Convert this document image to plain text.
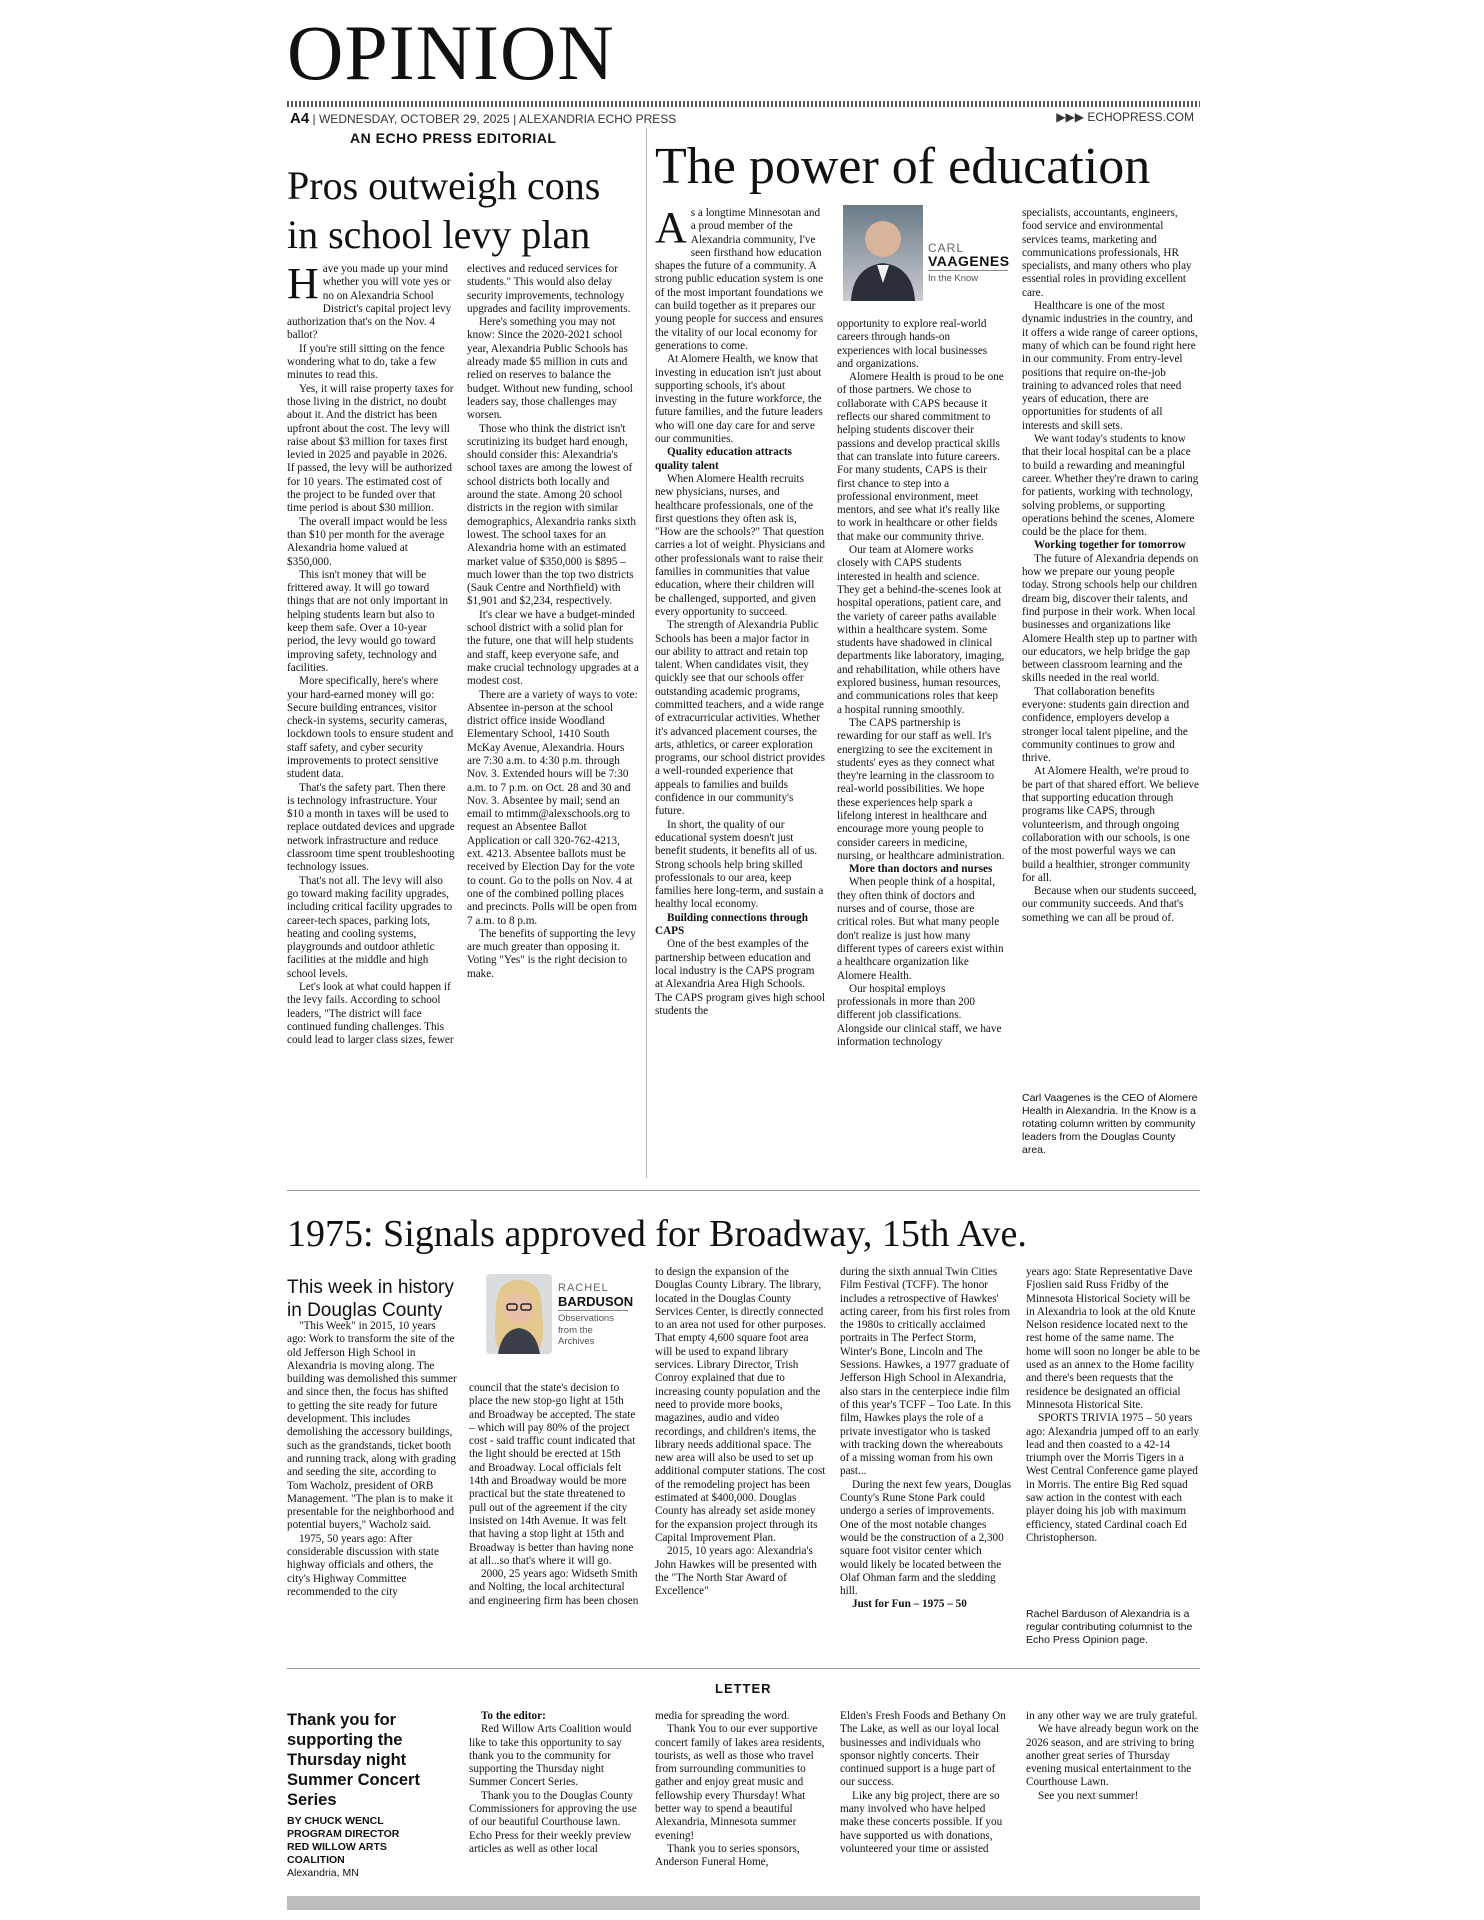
OPINION
A4 | WEDNESDAY, OCTOBER 29, 2025 | ALEXANDRIA ECHO PRESS	▶▶▶ ECHOPRESS.COM
AN ECHO PRESS EDITORIAL
Pros outweigh cons in school levy plan

Have you made up your mind whether you will vote yes or no on Alexandria School District's capital project levy authorization that's on the Nov. 4 ballot?

If you're still sitting on the fence wondering what to do, take a few minutes to read this.

Yes, it will raise property taxes for those living in the district, no doubt about it. And the district has been upfront about the cost. The levy will raise about $3 million for taxes first levied in 2025 and payable in 2026. If passed, the levy will be authorized for 10 years. The estimated cost of the project to be funded over that time period is about $30 million.

The overall impact would be less than $10 per month for the average Alexandria home valued at $350,000.

This isn't money that will be frittered away. It will go toward things that are not only important in helping students learn but also to keep them safe. Over a 10-year period, the levy would go toward improving safety, technology and facilities.

More specifically, here's where your hard-earned money will go: Secure building entrances, visitor check-in systems, security cameras, lockdown tools to ensure student and staff safety, and cyber security improvements to protect sensitive student data.

That's the safety part. Then there is technology infrastructure. Your $10 a month in taxes will be used to replace outdated devices and upgrade network infrastructure and reduce classroom time spent troubleshooting technology issues.

That's not all. The levy will also go toward making facility upgrades, including critical facility upgrades to career-tech spaces, parking lots, heating and cooling systems, playgrounds and outdoor athletic facilities at the middle and high school levels.

Let's look at what could happen if the levy fails. According to school leaders, "The district will face continued funding challenges. This could lead to larger class sizes, fewer

electives and reduced services for students." This would also delay security improvements, technology upgrades and facility improvements.

Here's something you may not know: Since the 2020-2021 school year, Alexandria Public Schools has already made $5 million in cuts and relied on reserves to balance the budget. Without new funding, school leaders say, those challenges may worsen.

Those who think the district isn't scrutinizing its budget hard enough, should consider this: Alexandria's school taxes are among the lowest of school districts both locally and around the state. Among 20 school districts in the region with similar demographics, Alexandria ranks sixth lowest. The school taxes for an Alexandria home with an estimated market value of $350,000 is $895 – much lower than the top two districts (Sauk Centre and Northfield) with $1,901 and $2,234, respectively.

It's clear we have a budget-minded school district with a solid plan for the future, one that will help students and staff, keep everyone safe, and make crucial technology upgrades at a modest cost.

There are a variety of ways to vote: Absentee in-person at the school district office inside Woodland Elementary School, 1410 South McKay Avenue, Alexandria. Hours are 7:30 a.m. to 4:30 p.m. through Nov. 3. Extended hours will be 7:30 a.m. to 7 p.m. on Oct. 28 and 30 and Nov. 3. Absentee by mail; send an email to mtimm@alexschools.org to request an Absentee Ballot Application or call 320-762-4213, ext. 4213. Absentee ballots must be received by Election Day for the vote to count. Go to the polls on Nov. 4 at one of the combined polling places and precincts. Polls will be open from 7 a.m. to 8 p.m.

The benefits of supporting the levy are much greater than opposing it. Voting "Yes" is the right decision to make.

The power of education
CARL
VAAGENES
In the Know

As a longtime Minnesotan and a proud member of the Alexandria community, I've seen firsthand how education shapes the future of a community. A strong public education system is one of the most important foundations we can build together as it prepares our young people for success and ensures the vitality of our local economy for generations to come.

At Alomere Health, we know that investing in education isn't just about supporting schools, it's about investing in the future workforce, the future families, and the future leaders who will one day care for and serve our communities.

Quality education attracts quality talent

When Alomere Health recruits new physicians, nurses, and healthcare professionals, one of the first questions they often ask is, "How are the schools?" That question carries a lot of weight. Physicians and other professionals want to raise their families in communities that value education, where their children will be challenged, supported, and given every opportunity to succeed.

The strength of Alexandria Public Schools has been a major factor in our ability to attract and retain top talent. When candidates visit, they quickly see that our schools offer outstanding academic programs, committed teachers, and a wide range of extracurricular activities. Whether it's advanced placement courses, the arts, athletics, or career exploration programs, our school district provides a well-rounded experience that appeals to families and builds confidence in our community's future.

In short, the quality of our educational system doesn't just benefit students, it benefits all of us. Strong schools help bring skilled professionals to our area, keep families here long-term, and sustain a healthy local economy.

Building connections through CAPS

One of the best examples of the partnership between education and local industry is the CAPS program at Alexandria Area High Schools. The CAPS program gives high school students the

opportunity to explore real-world careers through hands-on experiences with local businesses and organizations.

Alomere Health is proud to be one of those partners. We chose to collaborate with CAPS because it reflects our shared commitment to helping students discover their passions and develop practical skills that can translate into future careers. For many students, CAPS is their first chance to step into a professional environment, meet mentors, and see what it's really like to work in healthcare or other fields that make our community thrive.

Our team at Alomere works closely with CAPS students interested in health and science. They get a behind-the-scenes look at hospital operations, patient care, and the variety of career paths available within a healthcare system. Some students have shadowed in clinical departments like laboratory, imaging, and rehabilitation, while others have explored business, human resources, and communications roles that keep a hospital running smoothly.

The CAPS partnership is rewarding for our staff as well. It's energizing to see the excitement in students' eyes as they connect what they're learning in the classroom to real-world possibilities. We hope these experiences help spark a lifelong interest in healthcare and encourage more young people to consider careers in medicine, nursing, or healthcare administration.

More than doctors and nurses

When people think of a hospital, they often think of doctors and nurses and of course, those are critical roles. But what many people don't realize is just how many different types of careers exist within a healthcare organization like Alomere Health.

Our hospital employs professionals in more than 200 different job classifications. Alongside our clinical staff, we have information technology

specialists, accountants, engineers, food service and environmental services teams, marketing and communications professionals, HR specialists, and many others who play essential roles in providing excellent care.

Healthcare is one of the most dynamic industries in the country, and it offers a wide range of career options, many of which can be found right here in our community. From entry-level positions that require on-the-job training to advanced roles that need years of education, there are opportunities for students of all interests and skill sets.

We want today's students to know that their local hospital can be a place to build a rewarding and meaningful career. Whether they're drawn to caring for patients, working with technology, solving problems, or supporting operations behind the scenes, Alomere could be the place for them.

Working together for tomorrow

The future of Alexandria depends on how we prepare our young people today. Strong schools help our children dream big, discover their talents, and find purpose in their work. When local businesses and organizations like Alomere Health step up to partner with our educators, we help bridge the gap between classroom learning and the skills needed in the real world.

That collaboration benefits everyone: students gain direction and confidence, employers develop a stronger local talent pipeline, and the community continues to grow and thrive.

At Alomere Health, we're proud to be part of that shared effort. We believe that supporting education through programs like CAPS, through volunteerism, and through ongoing collaboration with our schools, is one of the most powerful ways we can build a healthier, stronger community for all.

Because when our students succeed, our community succeeds. And that's something we can all be proud of.

Carl Vaagenes is the CEO of Alomere Health in Alexandria. In the Know is a rotating column written by community leaders from the Douglas County area.
1975: Signals approved for Broadway, 15th Ave.
This week in history in Douglas County
RACHEL
BARDUSON
Observations from the Archives

"This Week" in 2015, 10 years ago: Work to transform the site of the old Jefferson High School in Alexandria is moving along. The building was demolished this summer and since then, the focus has shifted to getting the site ready for future development. This includes demolishing the accessory buildings, such as the grandstands, ticket booth and running track, along with grading and seeding the site, according to Tom Wacholz, president of ORB Management. "The plan is to make it presentable for the neighborhood and potential buyers," Wacholz said.

1975, 50 years ago: After considerable discussion with state highway officials and others, the city's Highway Committee recommended to the city

council that the state's decision to place the new stop-go light at 15th and Broadway be accepted. The state – which will pay 80% of the project cost - said traffic count indicated that the light should be erected at 15th and Broadway. Local officials felt 14th and Broadway would be more practical but the state threatened to pull out of the agreement if the city insisted on 14th Avenue. It was felt that having a stop light at 15th and Broadway is better than having none at all...so that's where it will go.

2000, 25 years ago: Widseth Smith and Nolting, the local architectural and engineering firm has been chosen

to design the expansion of the Douglas County Library. The library, located in the Douglas County Services Center, is directly connected to an area not used for other purposes. That empty 4,600 square foot area will be used to expand library services. Library Director, Trish Conroy explained that due to increasing county population and the need to provide more books, magazines, audio and video recordings, and children's items, the library needs additional space. The new area will also be used to set up additional computer stations. The cost of the remodeling project has been estimated at $400,000. Douglas County has already set aside money for the expansion project through its Capital Improvement Plan.

2015, 10 years ago: Alexandria's John Hawkes will be presented with the "The North Star Award of Excellence"

during the sixth annual Twin Cities Film Festival (TCFF). The honor includes a retrospective of Hawkes' acting career, from his first roles from the 1980s to critically acclaimed portraits in The Perfect Storm, Winter's Bone, Lincoln and The Sessions. Hawkes, a 1977 graduate of Jefferson High School in Alexandria, also stars in the centerpiece indie film of this year's TCFF – Too Late. In this film, Hawkes plays the role of a private investigator who is tasked with tracking down the whereabouts of a missing woman from his own past...

During the next few years, Douglas County's Rune Stone Park could undergo a series of improvements. One of the most notable changes would be the construction of a 2,300 square foot visitor center which would likely be located between the Olaf Ohman farm and the sledding hill.

Just for Fun – 1975 – 50

years ago: State Representative Dave Fjoslien said Russ Fridby of the Minnesota Historical Society will be in Alexandria to look at the old Knute Nelson residence located next to the rest home of the same name. The home will soon no longer be able to be used as an annex to the Home facility and there's been requests that the residence be designated an official Minnesota Historical Site.

SPORTS TRIVIA 1975 – 50 years ago: Alexandria jumped off to an early lead and then coasted to a 42-14 triumph over the Morris Tigers in a West Central Conference game played in Morris. The entire Big Red squad saw action in the contest with each player doing his job with maximum efficiency, stated Cardinal coach Ed Christopherson.

Rachel Barduson of Alexandria is a regular contributing columnist to the Echo Press Opinion page.
LETTER
Thank you for supporting the Thursday night Summer Concert Series
BY CHUCK WENCL
PROGRAM DIRECTOR
RED WILLOW ARTS
COALITION
Alexandria, MN

To the editor:

Red Willow Arts Coalition would like to take this opportunity to say thank you to the community for supporting the Thursday night Summer Concert Series.

Thank you to the Douglas County Commissioners for approving the use of our beautiful Courthouse lawn. Echo Press for their weekly preview articles as well as other local

media for spreading the word.

Thank You to our ever supportive concert family of lakes area residents, tourists, as well as those who travel from surrounding communities to gather and enjoy great music and fellowship every Thursday! What better way to spend a beautiful Alexandria, Minnesota summer evening!

Thank you to series sponsors, Anderson Funeral Home,

Elden's Fresh Foods and Bethany On The Lake, as well as our loyal local businesses and individuals who sponsor nightly concerts. Their continued support is a huge part of our success.

Like any big project, there are so many involved who have helped make these concerts possible. If you have supported us with donations, volunteered your time or assisted

in any other way we are truly grateful.

We have already begun work on the 2026 season, and are striving to bring another great series of Thursday evening musical entertainment to the Courthouse Lawn.

See you next summer!
